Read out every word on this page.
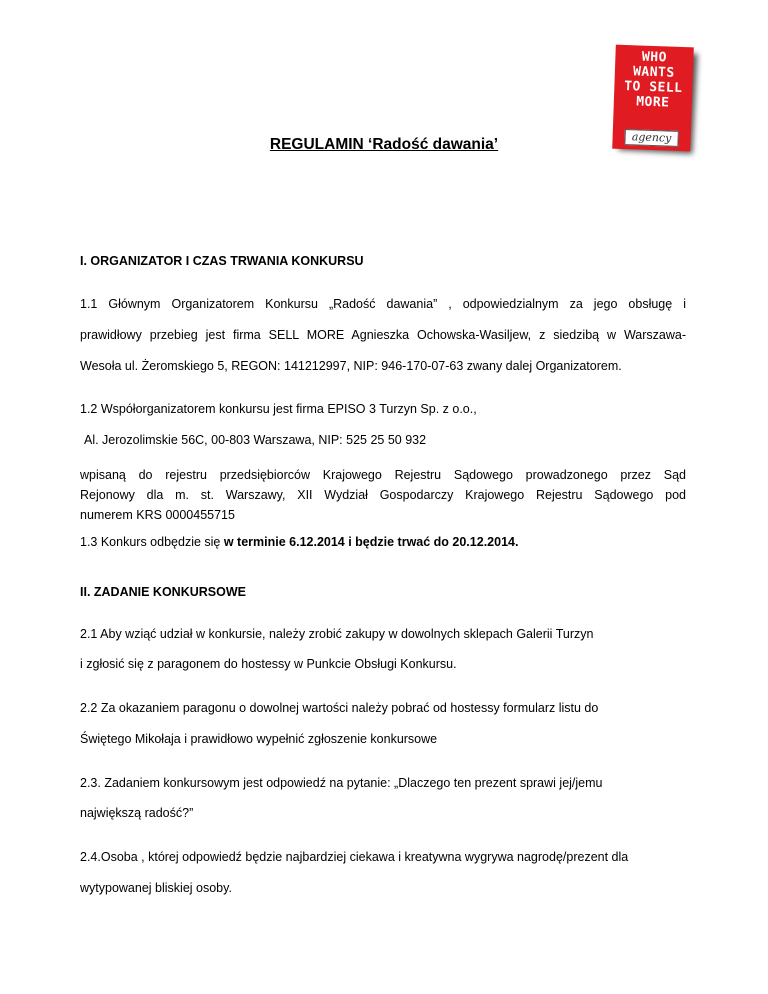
WHO
WANTS
TO SELL
MORE
agency
REGULAMIN ‘Radość dawania’
I. ORGANIZATOR I CZAS TRWANIA KONKURSU
1.1 Głównym Organizatorem Konkursu „Radość dawania” , odpowiedzialnym za jego obsługę i
prawidłowy przebieg jest firma SELL MORE Agnieszka Ochowska-Wasiljew, z siedzibą w Warszawa-
Wesoła ul. Żeromskiego 5, REGON: 141212997, NIP: 946-170-07-63 zwany dalej Organizatorem.
1.2 Współorganizatorem konkursu jest firma EPISO 3 Turzyn Sp. z o.o.,
Al. Jerozolimskie 56C, 00-803 Warszawa, NIP: 525 25 50 932
wpisaną do rejestru przedsiębiorców Krajowego Rejestru Sądowego prowadzonego przez Sąd
Rejonowy dla m. st. Warszawy, XII Wydział Gospodarczy Krajowego Rejestru Sądowego pod
numerem KRS 0000455715
1.3 Konkurs odbędzie się w terminie 6.12.2014 i będzie trwać do 20.12.2014.
II. ZADANIE KONKURSOWE
2.1 Aby wziąć udział w konkursie, należy zrobić zakupy w dowolnych sklepach Galerii Turzyn
i zgłosić się z paragonem do hostessy w Punkcie Obsługi Konkursu.
2.2 Za okazaniem paragonu o dowolnej wartości należy pobrać od hostessy formularz listu do
Świętego Mikołaja i prawidłowo wypełnić zgłoszenie konkursowe
2.3. Zadaniem konkursowym jest odpowiedź na pytanie: „Dlaczego ten prezent sprawi jej/jemu
największą radość?”
2.4.Osoba , której odpowiedź będzie najbardziej ciekawa i kreatywna wygrywa nagrodę/prezent dla
wytypowanej bliskiej osoby.
